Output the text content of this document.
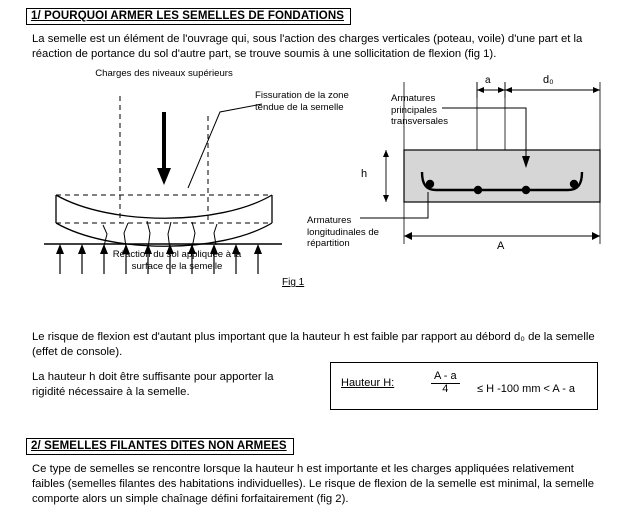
1/ POURQUOI ARMER LES SEMELLES DE FONDATIONS
La semelle est un élément de l'ouvrage qui, sous l'action des charges verticales (poteau, voile) d'une part et la réaction de portance du sol d'autre part, se trouve soumis à une sollicitation de flexion (fig 1).
Charges des niveaux supérieurs
Fissuration de la zone
tendue de la semelle
Réaction du sol appliquée à la
surface de la semelle
Fig 1
Armatures
principales
transversales
Armatures
longitudinales de
répartition
h
a	d₀
A
Le risque de flexion est d'autant plus important que la hauteur h est faible par rapport au débord d₀ de la semelle (effet de console).
La hauteur h doit être suffisante pour apporter la rigidité nécessaire à la semelle.
Hauteur H:	$\frac{A - a}{4} \le H$ -100 mm < A - a
2/ SEMELLES FILANTES DITES NON ARMEES
Ce type de semelles se rencontre lorsque la hauteur h est importante et les charges appliquées relativement faibles (semelles filantes des habitations individuelles). Le risque de flexion de la semelle est minimal, la semelle comporte alors un simple chaînage défini forfaitairement (fig 2).
